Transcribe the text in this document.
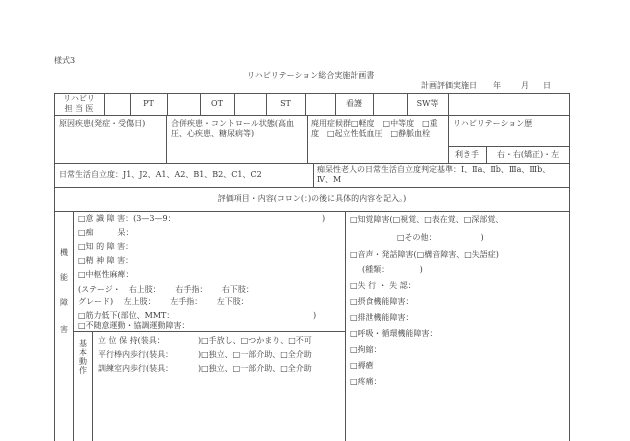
様式3
リハビリテーション総合実施計画書
計画評価実施日 年	月 日
リハビリ
担 当 医
PT	OT	ST	看護	SW等
原因疾患(発症・受傷日)	合併疾患・コントロール状態(高血
圧、心疾患、糖尿病等)
廃用症候群□軽度　□中等度　□重
度　□起立性低血圧　□静脈血栓
リハビリテーション歴
利き手	右・右(矯正)・左
日常生活自立度：J1、J2、A1、A2、B1、B2、C1、C2
痴呆性老人の日常生活自立度判定基準：Ⅰ、Ⅱa、Ⅱb、Ⅲa、Ⅲb、
Ⅳ、M
評価項目・内容(コロン(：)の後に具体的内容を記入。)
機
能
障
害
□意 識 障 害：(3—3—9：	)
□痴　　　呆：
□知 的 障 害：
□精 神 障 害：
□中枢性麻痺：
(ステージ・　右上肢：　　 右手指：　　 右下肢：
グレード)　 左上肢：　　 左手指：　　 左下肢：
□筋力低下(部位、MMT：	)
□不随意運動・協調運動障害：
基
本
動
作
立 位 保 持(装具：	)□手放し、□つかまり、□不可
平行棒内歩行(装具：	)□独立、□一部介助、□全介助
訓練室内歩行(装具：	)□独立、□一部介助、□全介助
□知覚障害(□視覚、□表在覚、□深部覚、
□その他：　　　　　　)
□音声・発話障害(□構音障害、□失語症)
(種類：　　　　 )
□失 行 ・ 失 認：
□摂食機能障害：
□排泄機能障害：
□呼吸・循環機能障害：
□拘縮：
□褥瘡
□疼痛：
